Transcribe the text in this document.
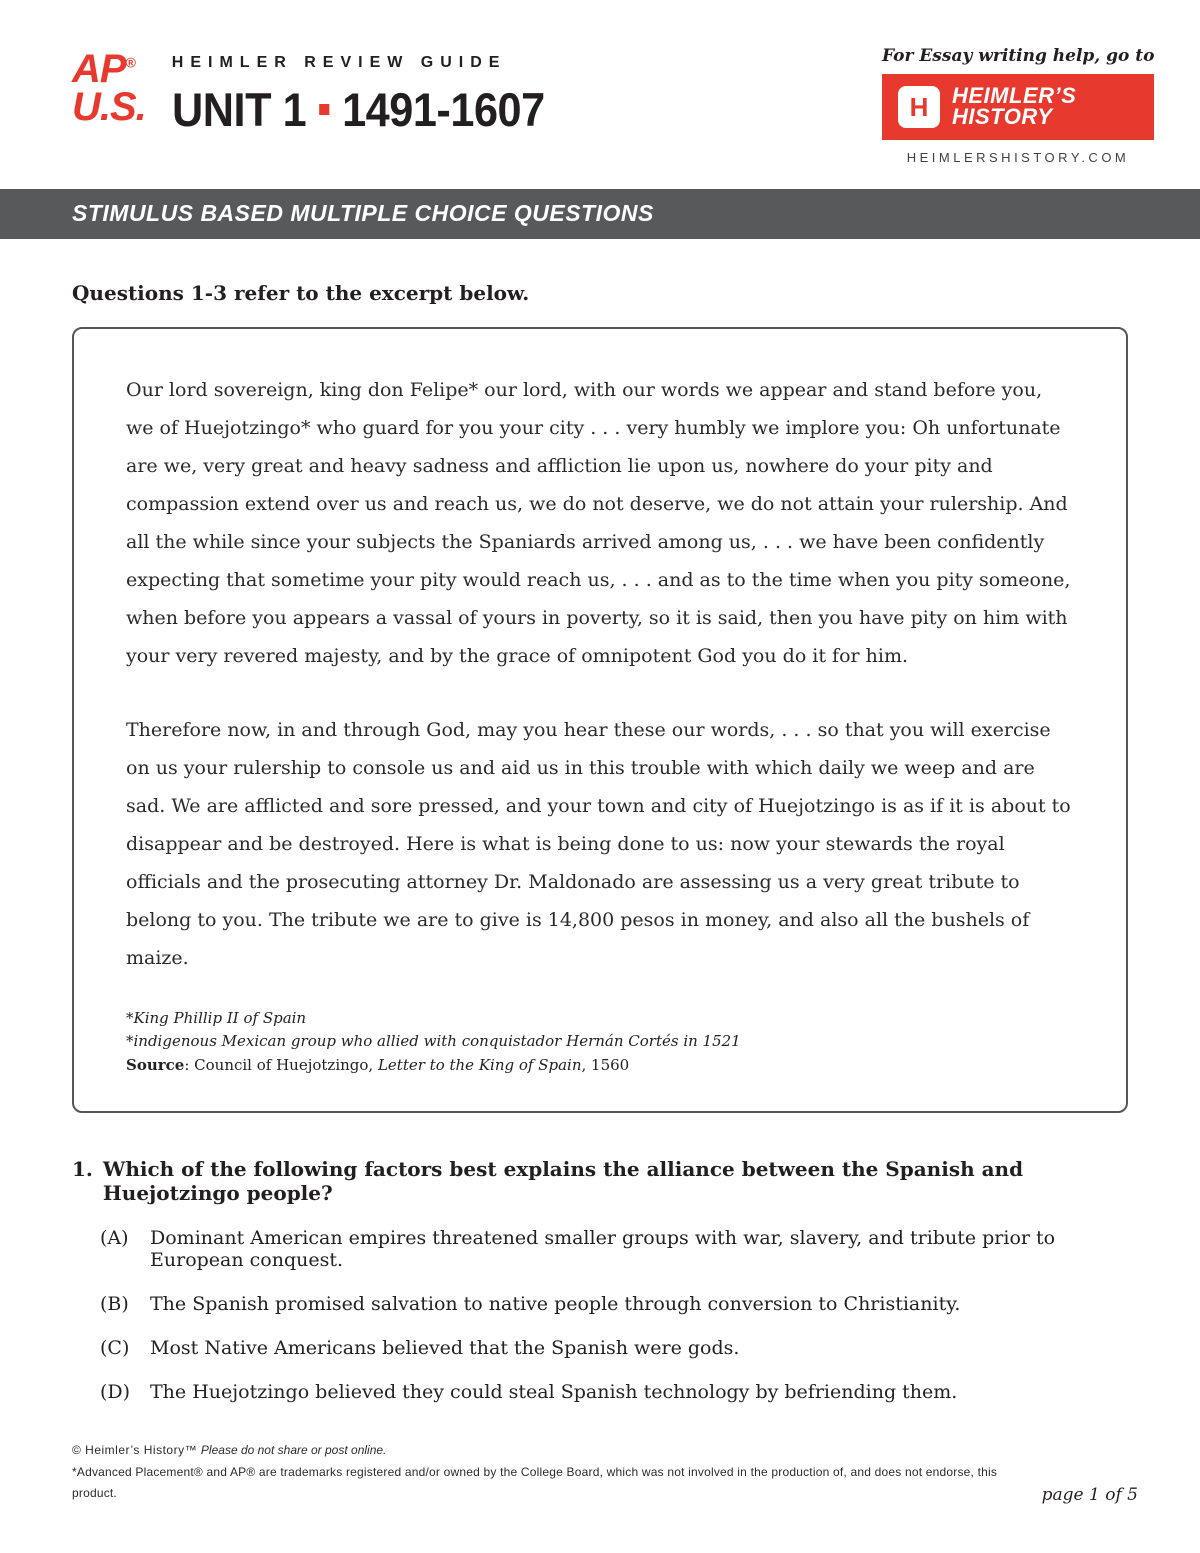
AP®
U.S.
HEIMLER REVIEW GUIDE
UNIT 1 1491-1607
For Essay writing help, go to
H	HEIMLER’S
HISTORY
HEIMLERSHISTORY.COM
STIMULUS BASED MULTIPLE CHOICE QUESTIONS
Questions 1-3 refer to the excerpt below.

Our lord sovereign, king don Felipe* our lord, with our words we appear and stand before you, we of Huejotzingo* who guard for you your city . . . very humbly we implore you: Oh unfortunate are we, very great and heavy sadness and affliction lie upon us, nowhere do your pity and compassion extend over us and reach us, we do not deserve, we do not attain your rulership. And all the while since your subjects the Spaniards arrived among us, . . . we have been confidently expecting that sometime your pity would reach us, . . . and as to the time when you pity someone, when before you appears a vassal of yours in poverty, so it is said, then you have pity on him with your very revered majesty, and by the grace of omnipotent God you do it for him.

Therefore now, in and through God, may you hear these our words, . . . so that you will exercise on us your rulership to console us and aid us in this trouble with which daily we weep and are sad. We are afflicted and sore pressed, and your town and city of Huejotzingo is as if it is about to disappear and be destroyed. Here is what is being done to us: now your stewards the royal officials and the prosecuting attorney Dr. Maldonado are assessing us a very great tribute to belong to you. The tribute we are to give is 14,800 pesos in money, and also all the bushels of maize.

*King Phillip II of Spain
*indigenous Mexican group who allied with conquistador Hernán Cortés in 1521
Source: Council of Huejotzingo, Letter to the King of Spain, 1560
1. Which of the following factors best explains the alliance between the Spanish and Huejotzingo people?
(A)	Dominant American empires threatened smaller groups with war, slavery, and tribute prior to European conquest.
(B)	The Spanish promised salvation to native people through conversion to Christianity.
(C)	Most Native Americans believed that the Spanish were gods.
(D)	The Huejotzingo believed they could steal Spanish technology by befriending them.
© Heimler’s History™ Please do not share or post online.
*Advanced Placement® and AP® are trademarks registered and/or owned by the College Board, which was not involved in the production of, and does not endorse, this product.	page 1 of 5
